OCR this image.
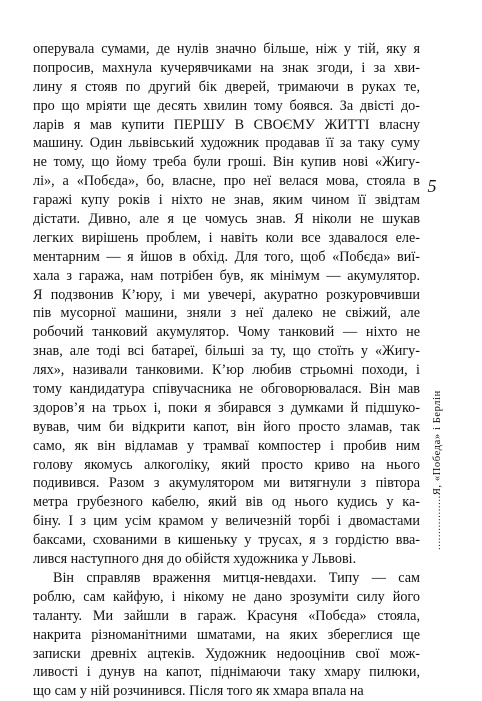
оперувала сумами, де нулів значно більше, ніж у тій, яку я
попросив, махнула кучерявчиками на знак згоди, і за хви-
лину я стояв по другий бік дверей, тримаючи в руках те,
про що мріяти ще десять хвилин тому боявся. За двісті до-
ларів я мав купити ПЕРШУ В СВОЄМУ ЖИТТІ власну
машину. Один львівський художник продавав її за таку суму
не тому, що йому треба були гроші. Він купив нові «Жигу-
лі», а «Побєда», бо, власне, про неї велася мова, стояла в
гаражі купу років і ніхто не знав, яким чином її звідтам
дістати. Дивно, але я це чомусь знав. Я ніколи не шукав
легких вирішень проблем, і навіть коли все здавалося еле-
ментарним — я йшов в обхід. Для того, щоб «Побєда» виї-
хала з гаража, нам потрібен був, як мінімум — акумулятор.
Я подзвонив К’юру, і ми увечері, акуратно розкуровчивши
пів мусорної машини, зняли з неї далеко не свіжий, але
робочий танковий акумулятор. Чому танковий — ніхто не
знав, але тоді всі батареї, більші за ту, що стоїть у «Жигу-
лях», називали танковими. К’юр любив стрьомні походи, і
тому кандидатура співучасника не обговорювалася. Він мав
здоров’я на трьох і, поки я збирався з думками й підшуко-
вував, чим би відкрити капот, він його просто зламав, так
само, як він відламав у трамваї компостер і пробив ним
голову якомусь алкоголіку, який просто криво на нього
подивився. Разом з акумулятором ми витягнули з півтора
метра грубезного кабелю, який вів од нього кудись у ка-
біну. І з цим усім крамом у величезній торбі і двомастами
баксами, схованими в кишеньку у трусах, я з гордістю вва-
лився наступного дня до обійстя художника у Львові.
Він справляв враження митця-невдахи. Типу — сам
роблю, сам кайфую, і нікому не дано зрозуміти силу його
таланту. Ми зайшли в гараж. Красуня «Побєда» стояла,
накрита різноманітними шматами, на яких збереглися ще
записки древніх ацтеків. Художник недооцінив свої мож-
ливості і дунув на капот, піднімаючи таку хмару пилюки,
що сам у ній розчинився. Після того як хмара впала на
5
.................Я, «Победа» і Берлін
